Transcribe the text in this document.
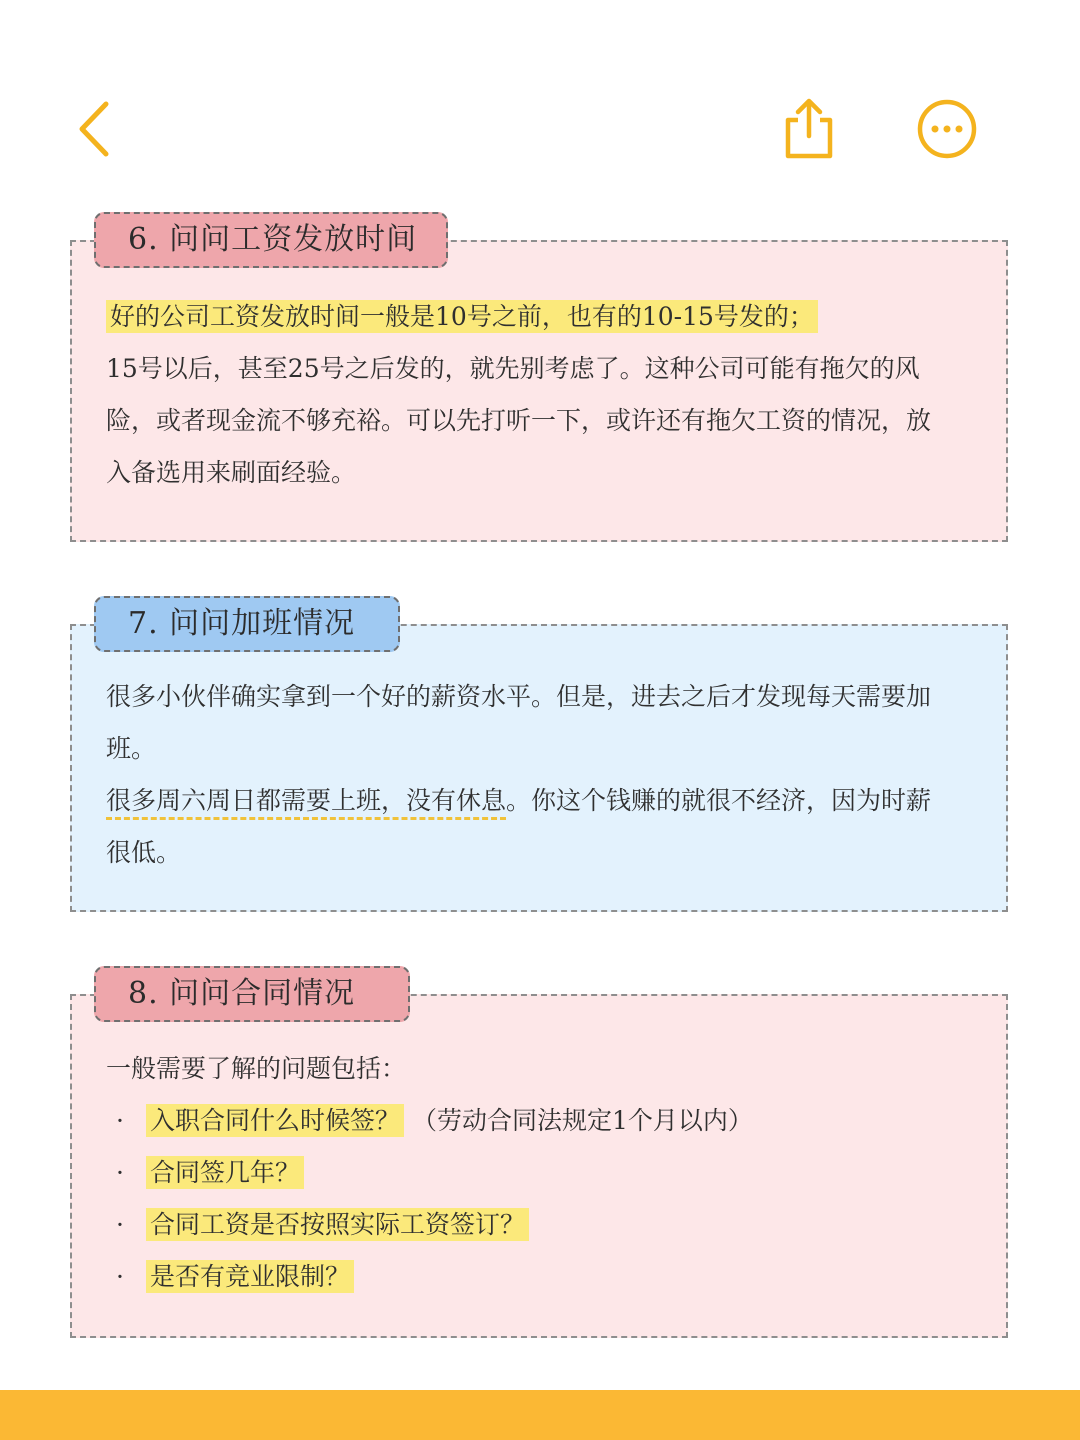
6. 问问工资发放时间
好的公司工资发放时间一般是10号之前，也有的10-15号发的；
15号以后，甚至25号之后发的，就先别考虑了。这种公司可能有拖欠的风
险，或者现金流不够充裕。可以先打听一下，或许还有拖欠工资的情况，放
入备选用来刷面经验。
7. 问问加班情况
很多小伙伴确实拿到一个好的薪资水平。但是，进去之后才发现每天需要加
班。
很多周六周日都需要上班，没有休息。你这个钱赚的就很不经济，因为时薪
很低。
8. 问问合同情况
一般需要了解的问题包括：
· 入职合同什么时候签？ （劳动合同法规定1个月以内）
· 合同签几年？
· 合同工资是否按照实际工资签订？
· 是否有竞业限制？
